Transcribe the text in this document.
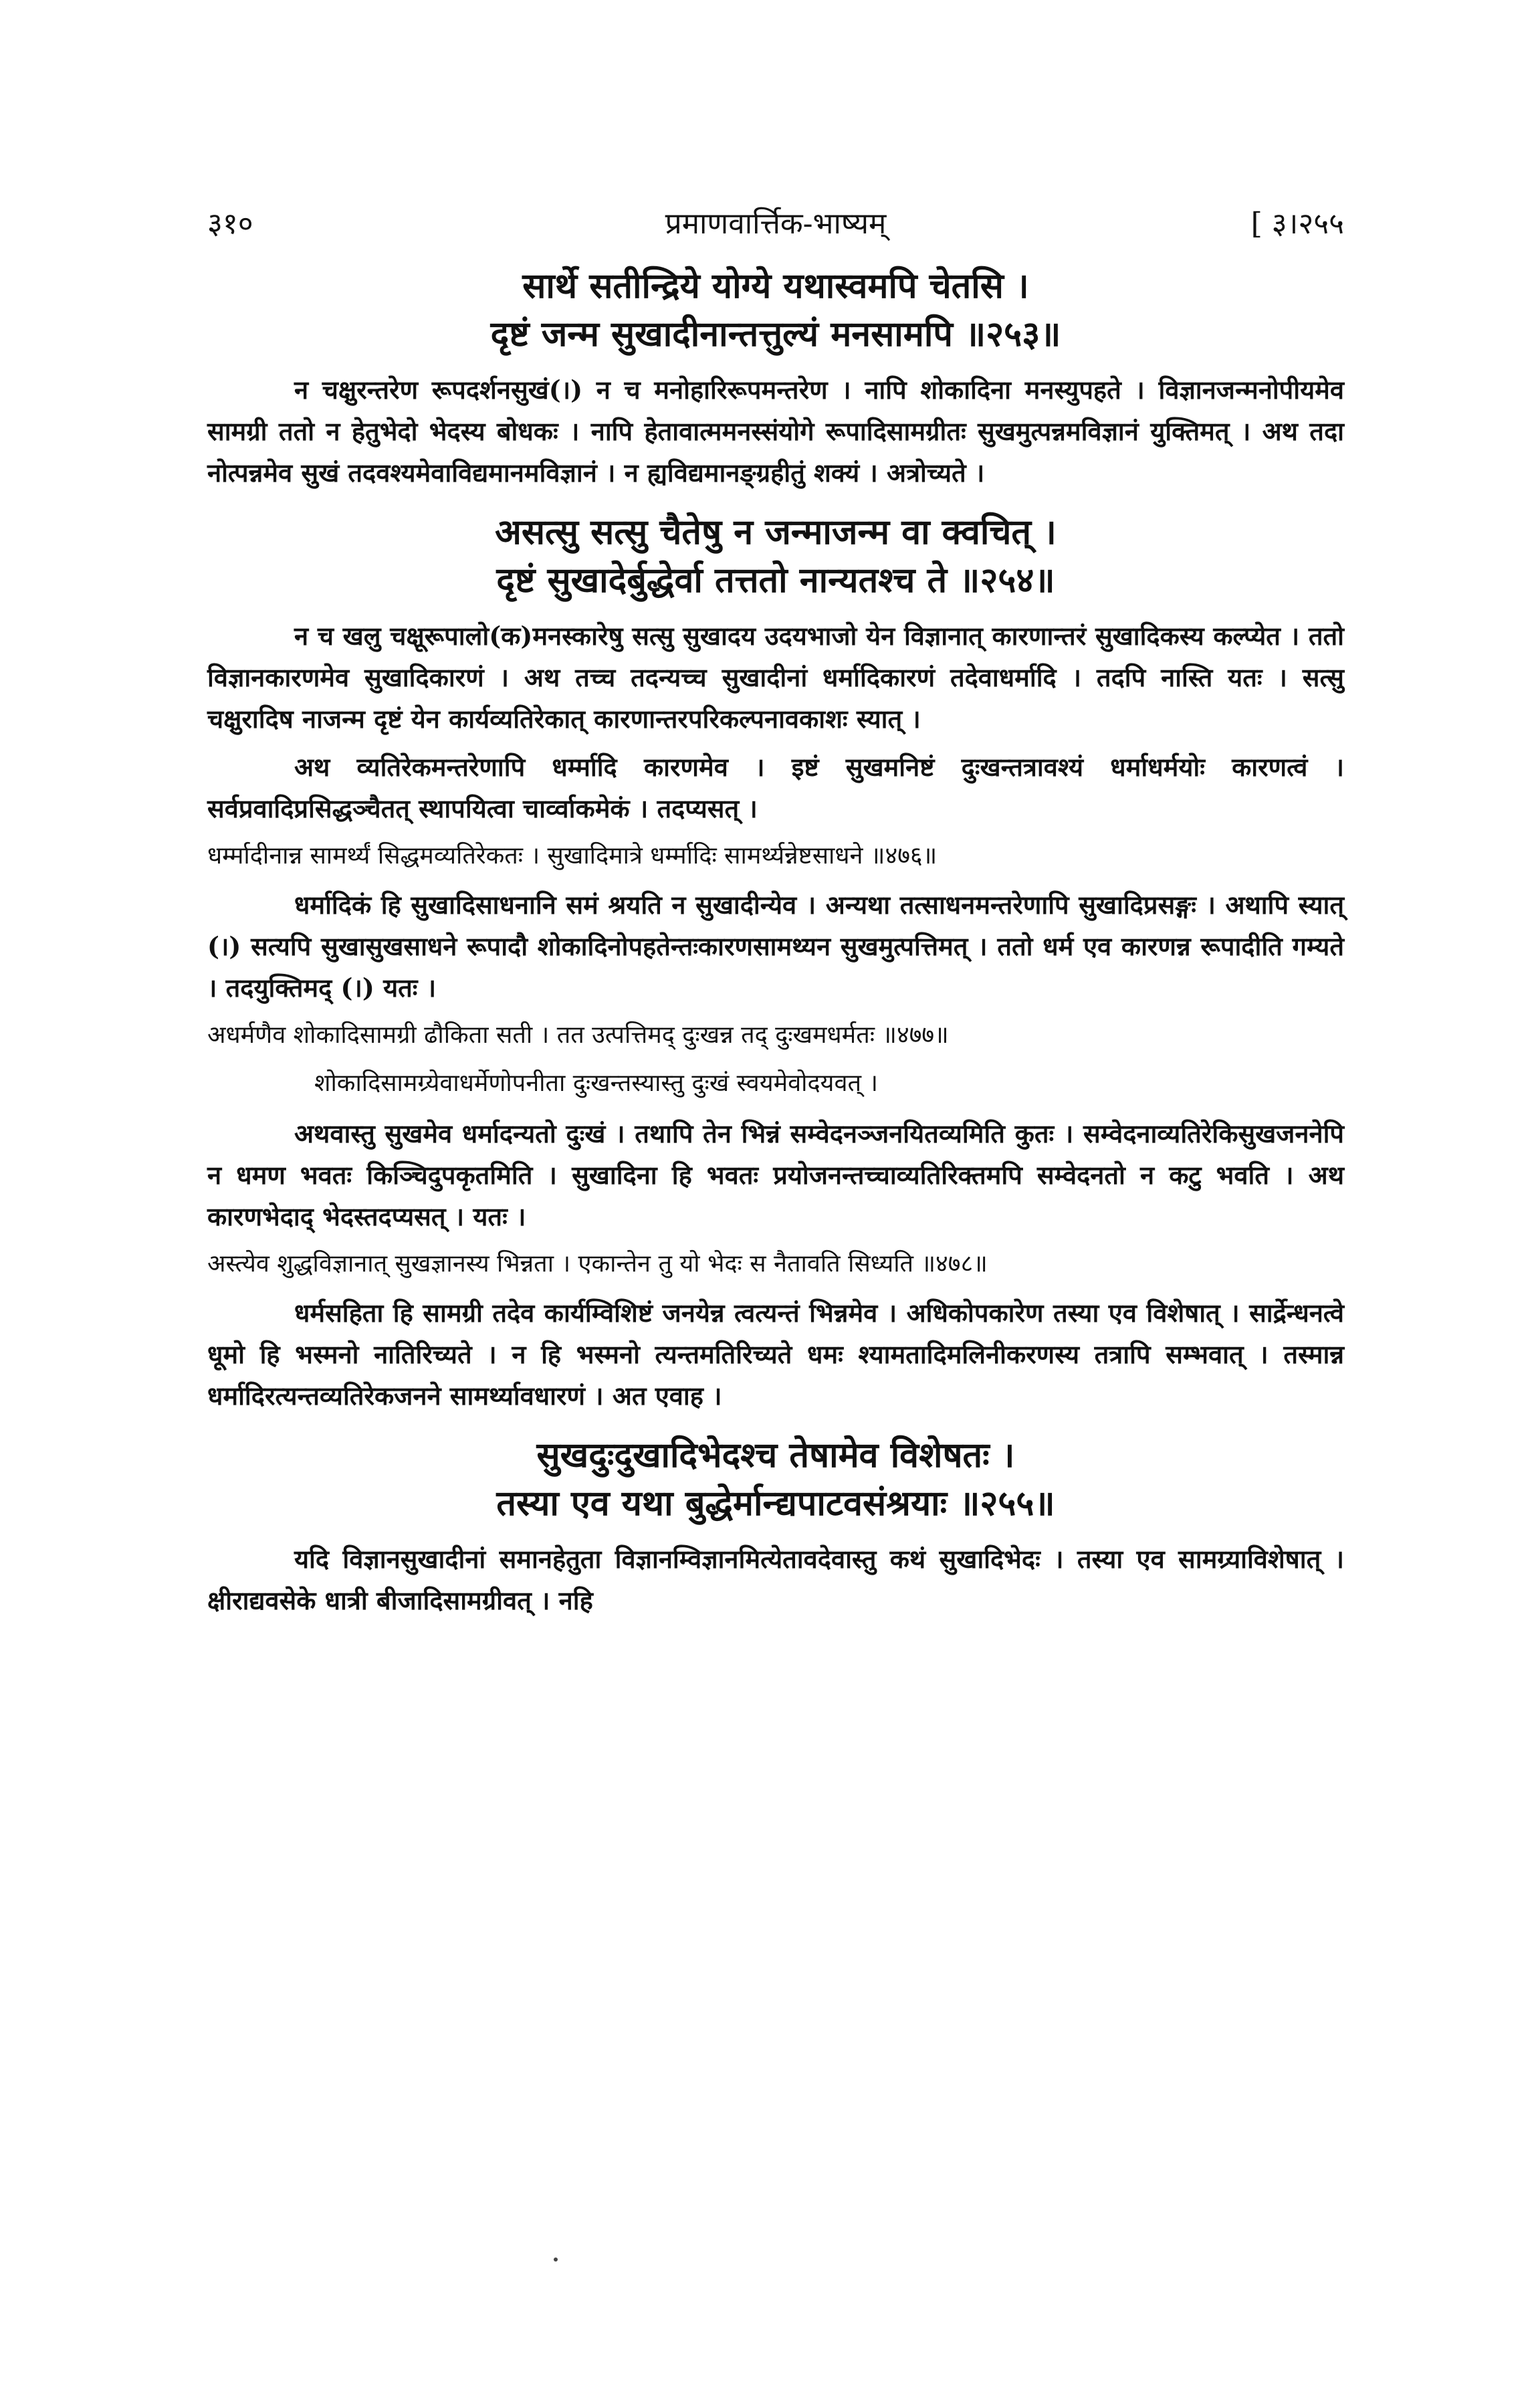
३१०	प्रमाणवार्त्तिक-भाष्यम्	[ ३।२५५

सार्थे सतीन्द्रिये योग्ये यथास्वमपि चेतसि ।

दृष्टं जन्म सुखादीनान्तत्तुल्यं मनसामपि ॥२५३॥

न चक्षुरन्तरेण रूपदर्शनसुखं(।) न च मनोहारिरूपमन्तरेण । नापि शोकादिना मनस्युपहते । विज्ञानजन्मनोपीयमेव सामग्री ततो न हेतुभेदो भेदस्य बोधकः । नापि हेतावात्ममनस्संयोगे रूपादिसामग्रीतः सुखमुत्पन्नमविज्ञानं युक्तिमत् । अथ तदा नोत्पन्नमेव सुखं तदवश्यमेवाविद्यमानमविज्ञानं । न ह्यविद्यमानङ्ग्रहीतुं शक्यं । अत्रोच्यते ।

असत्सु सत्सु चैतेषु न जन्माजन्म वा क्वचित् ।

दृष्टं सुखादेर्बुद्धेर्वा तत्ततो नान्यतश्च ते ॥२५४॥

न च खलु चक्षूरूपालो(क)मनस्कारेषु सत्सु सुखादय उदयभाजो येन विज्ञानात् कारणान्तरं सुखादिकस्य कल्प्येत । ततो विज्ञानकारणमेव सुखादिकारणं । अथ तच्च तदन्यच्च सुखादीनां धर्मादिकारणं तदेवाधर्मादि । तदपि नास्ति यतः । सत्सु चक्षुरादिष नाजन्म दृष्टं येन कार्यव्यतिरेकात् कारणान्तरपरिकल्पनावकाशः स्यात् ।

अथ व्यतिरेकमन्तरेणापि धर्म्मादि कारणमेव । इष्टं सुखमनिष्टं दुःखन्तत्रावश्यं धर्माधर्मयोः कारणत्वं । सर्वप्रवादिप्रसिद्धञ्चैतत् स्थापयित्वा चार्व्वाकमेकं । तदप्यसत् ।

धर्म्मादीनान्न सामर्थ्यं सिद्धमव्यतिरेकतः । सुखादिमात्रे धर्म्मादिः सामर्थ्यन्नेष्टसाधने ॥४७६॥

धर्मादिकं हि सुखादिसाधनानि समं श्रयति न सुखादीन्येव । अन्यथा तत्साधनमन्तरेणापि सुखादिप्रसङ्गः । अथापि स्यात् (।) सत्यपि सुखासुखसाधने रूपादौ शोकादिनोपहतेन्तःकारणसामथ्यन सुखमुत्पत्तिमत् । ततो धर्म एव कारणन्न रूपादीति गम्यते । तदयुक्तिमद् (।) यतः ।

अधर्मणैव शोकादिसामग्री ढौकिता सती । तत उत्पत्तिमद् दुःखन्न तद् दुःखमधर्मतः ॥४७७॥

शोकादिसामग्र्येवाधर्मेणोपनीता दुःखन्तस्यास्तु दुःखं स्वयमेवोदयवत् ।

अथवास्तु सुखमेव धर्मादन्यतो दुःखं । तथापि तेन भिन्नं सम्वेदनञ्जनयितव्यमिति कुतः । सम्वेदनाव्यतिरेकिसुखजननेपि न धमण भवतः किञ्चिदुपकृतमिति । सुखादिना हि भवतः प्रयोजनन्तच्चाव्यतिरिक्तमपि सम्वेदनतो न कटु भवति । अथ कारणभेदाद् भेदस्तदप्यसत् । यतः ।

अस्त्येव शुद्धविज्ञानात् सुखज्ञानस्य भिन्नता । एकान्तेन तु यो भेदः स नैतावति सिध्यति ॥४७८॥

धर्मसहिता हि सामग्री तदेव कार्यम्विशिष्टं जनयेन्न त्वत्यन्तं भिन्नमेव । अधिकोपकारेण तस्या एव विशेषात् । सार्द्रेन्धनत्वे धूमो हि भस्मनो नातिरिच्यते । न हि भस्मनो त्यन्तमतिरिच्यते धमः श्यामतादिमलिनीकरणस्य तत्रापि सम्भवात् । तस्मान्न धर्मादिरत्यन्तव्यतिरेकजनने सामर्थ्यावधारणं । अत एवाह ।

सुखदुःदुखादिभेदश्च तेषामेव विशेषतः ।

तस्या एव यथा बुद्धेर्मान्द्यपाटवसंश्रयाः ॥२५५॥

यदि विज्ञानसुखादीनां समानहेतुता विज्ञानम्विज्ञानमित्येतावदेवास्तु कथं सुखादिभेदः । तस्या एव सामग्र्याविशेषात् । क्षीराद्यवसेके धात्री बीजादिसामग्रीवत् । नहि
